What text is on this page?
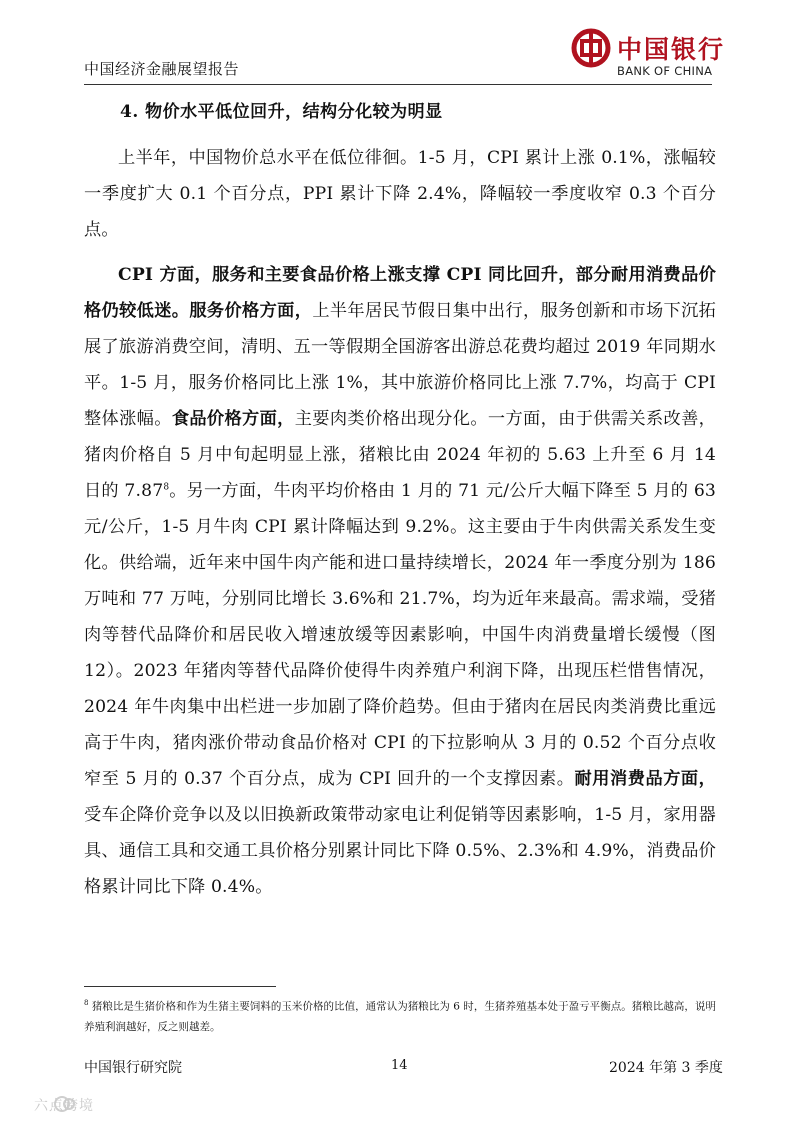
中国经济金融展望报告
中国银行
BANK OF CHINA
4. 物价水平低位回升，结构分化较为明显
上半年，中国物价总水平在低位徘徊。1-5 月，CPI 累计上涨 0.1%，涨幅较一季度扩大 0.1 个百分点，PPI 累计下降 2.4%，降幅较一季度收窄 0.3 个百分点。
CPI 方面，服务和主要食品价格上涨支撑 CPI 同比回升，部分耐用消费品价格仍较低迷。服务价格方面，上半年居民节假日集中出行，服务创新和市场下沉拓展了旅游消费空间，清明、五一等假期全国游客出游总花费均超过 2019 年同期水平。1-5 月，服务价格同比上涨 1%，其中旅游价格同比上涨 7.7%，均高于 CPI 整体涨幅。食品价格方面，主要肉类价格出现分化。一方面，由于供需关系改善，猪肉价格自 5 月中旬起明显上涨，猪粮比由 2024 年初的 5.63 上升至 6 月 14 日的 7.87$^8$。另一方面，牛肉平均价格由 1 月的 71 元/公斤大幅下降至 5 月的 63 元/公斤，1-5 月牛肉 CPI 累计降幅达到 9.2%。这主要由于牛肉供需关系发生变化。供给端，近年来中国牛肉产能和进口量持续增长，2024 年一季度分别为 186 万吨和 77 万吨，分别同比增长 3.6%和 21.7%，均为近年来最高。需求端，受猪肉等替代品降价和居民收入增速放缓等因素影响，中国牛肉消费量增长缓慢（图 12）。2023 年猪肉等替代品降价使得牛肉养殖户利润下降，出现压栏惜售情况，2024 年牛肉集中出栏进一步加剧了降价趋势。但由于猪肉在居民肉类消费比重远高于牛肉，猪肉涨价带动食品价格对 CPI 的下拉影响从 3 月的 0.52 个百分点收窄至 5 月的 0.37 个百分点，成为 CPI 回升的一个支撑因素。耐用消费品方面，受车企降价竞争以及以旧换新政策带动家电让利促销等因素影响，1-5 月，家用器具、通信工具和交通工具价格分别累计同比下降 0.5%、2.3%和 4.9%，消费品价格累计同比下降 0.4%。
$^8$ 猪粮比是生猪价格和作为生猪主要饲料的玉米价格的比值，通常认为猪粮比为 6 时，生猪养殖基本处于盈亏平衡点。猪粮比越高，说明养殖利润越好，反之则越差。
中国银行研究院	14	2024 年第 3 季度
六点跨境
